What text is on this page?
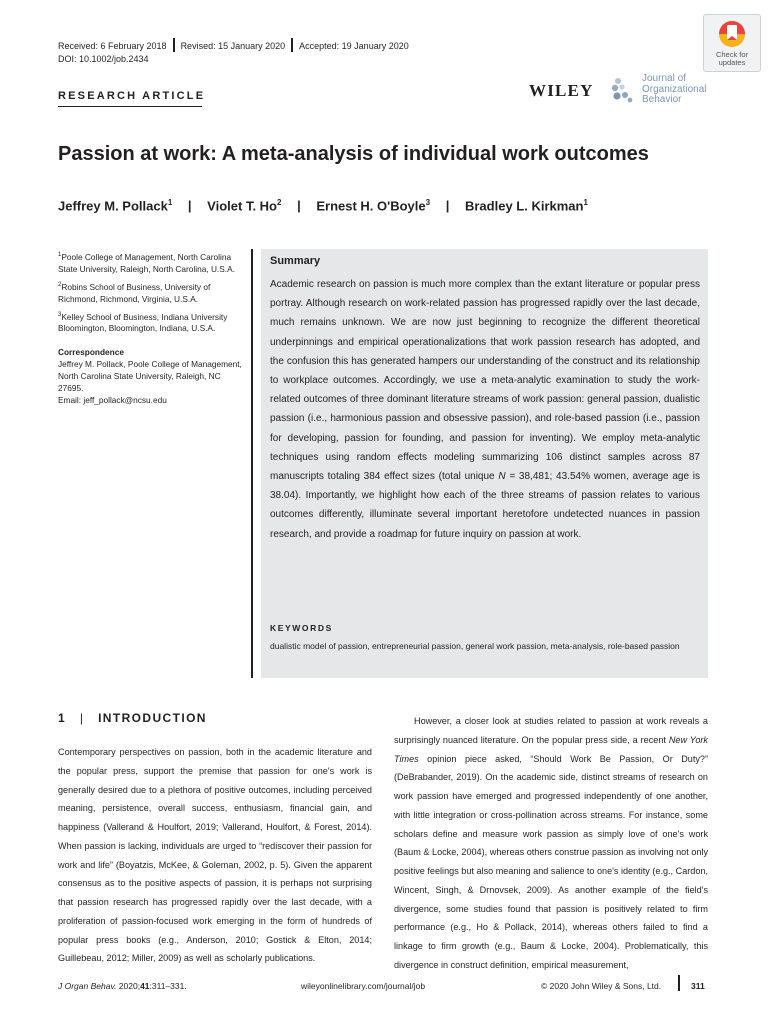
Received: 6 February 2018 Revised: 15 January 2020 Accepted: 19 January 2020
DOI: 10.1002/job.2434	Check for
updates
RESEARCH ARTICLE	WILEY
Journal of
Organizational
Behavior
Passion at work: A meta-analysis of individual work outcomes
Jeffrey M. Pollack$^1$ | Violet T. Ho$^2$ | Ernest H. O'Boyle$^3$ | Bradley L. Kirkman$^1$

$^1$Poole College of Management, North Carolina State University, Raleigh, North Carolina, U.S.A.

$^2$Robins School of Business, University of Richmond, Richmond, Virginia, U.S.A.

$^3$Kelley School of Business, Indiana University Bloomington, Bloomington, Indiana, U.S.A.

Correspondence
Jeffrey M. Pollack, Poole College of Management, North Carolina State University, Raleigh, NC 27695.
Email: jeff_pollack@ncsu.edu

Summary
Academic research on passion is much more complex than the extant literature or popular press portray. Although research on work-related passion has progressed rapidly over the last decade, much remains unknown. We are now just beginning to recognize the different theoretical underpinnings and empirical operationalizations that work passion research has adopted, and the confusion this has generated hampers our understanding of the construct and its relationship to workplace outcomes. Accordingly, we use a meta-analytic examination to study the work-related outcomes of three dominant literature streams of work passion: general passion, dualistic passion (i.e., harmonious passion and obsessive passion), and role-based passion (i.e., passion for developing, passion for founding, and passion for inventing). We employ meta-analytic techniques using random effects modeling summarizing 106 distinct samples across 87 manuscripts totaling 384 effect sizes (total unique N = 38,481; 43.54% women, average age is 38.04). Importantly, we highlight how each of the three streams of passion relates to various outcomes differently, illuminate several important heretofore undetected nuances in passion research, and provide a roadmap for future inquiry on passion at work.
KEYWORDS
dualistic model of passion, entrepreneurial passion, general work passion, meta-analysis, role-based passion
1 | INTRODUCTION
Contemporary perspectives on passion, both in the academic literature and the popular press, support the premise that passion for one's work is generally desired due to a plethora of positive outcomes, including perceived meaning, persistence, overall success, enthusiasm, financial gain, and happiness (Vallerand & Houlfort, 2019; Vallerand, Houlfort, & Forest, 2014). When passion is lacking, individuals are urged to “rediscover their passion for work and life” (Boyatzis, McKee, & Goleman, 2002, p. 5). Given the apparent consensus as to the positive aspects of passion, it is perhaps not surprising that passion research has progressed rapidly over the last decade, with a proliferation of passion-focused work emerging in the form of hundreds of popular press books (e.g., Anderson, 2010; Gostick & Elton, 2014; Guillebeau, 2012; Miller, 2009) as well as scholarly publications.
However, a closer look at studies related to passion at work reveals a surprisingly nuanced literature. On the popular press side, a recent New York Times opinion piece asked, “Should Work Be Passion, Or Duty?” (DeBrabander, 2019). On the academic side, distinct streams of research on work passion have emerged and progressed independently of one another, with little integration or cross-pollination across streams. For instance, some scholars define and measure work passion as simply love of one's work (Baum & Locke, 2004), whereas others construe passion as involving not only positive feelings but also meaning and salience to one's identity (e.g., Cardon, Wincent, Singh, & Drnovsek, 2009). As another example of the field's divergence, some studies found that passion is positively related to firm performance (e.g., Ho & Pollack, 2014), whereas others failed to find a linkage to firm growth (e.g., Baum & Locke, 2004). Problematically, this divergence in construct definition, empirical measurement,
J Organ Behav. 2020;41:311–331.	wileyonlinelibrary.com/journal/job	© 2020 John Wiley & Sons, Ltd.	311
